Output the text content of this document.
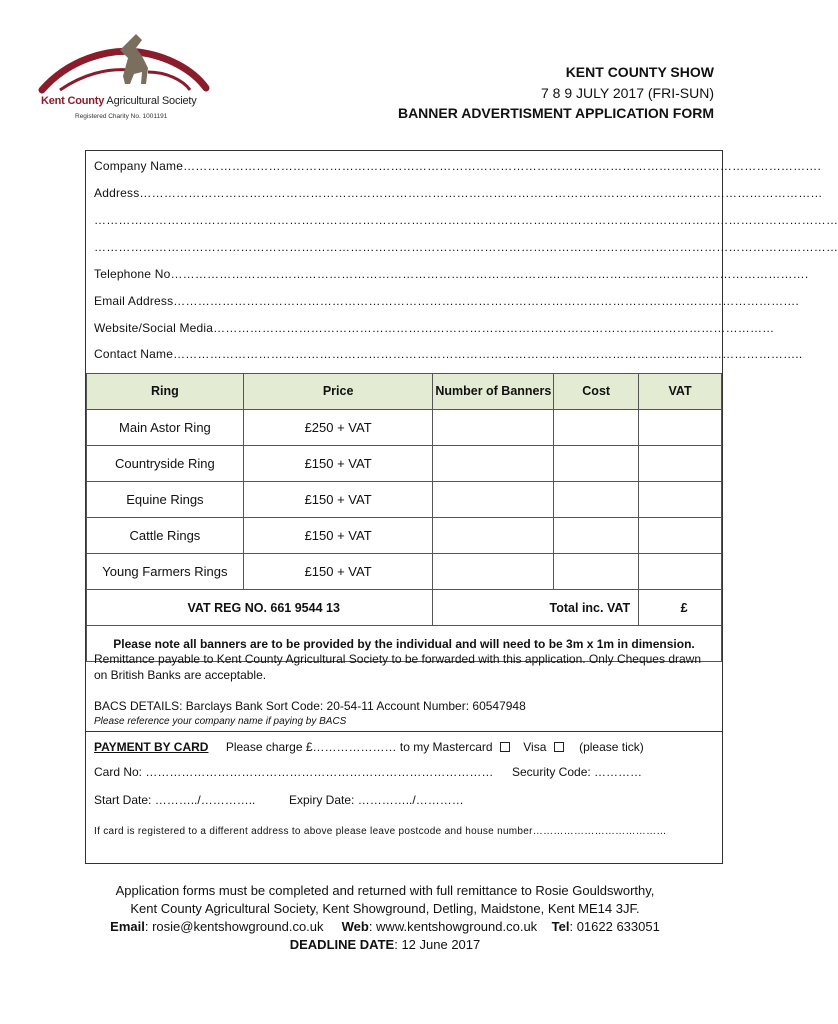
Kent County Agricultural Society
Registered Charity No. 1001191
KENT COUNTY SHOW
7 8 9 JULY 2017 (FRI-SUN)
BANNER ADVERTISMENT APPLICATION FORM
Company Name………………………………………………………………………………………………………………………………………….
Address……………………………………………………………………………………………………………………………………………………
…………………………………………………………………………………………………………………………………………………………………
…………………………………………………………………………………………………………………………………………………………………
Telephone No………………………………………………………………………………………………………………………………………….
Email Address……………………………………………………………………………………………………………………………………….
Website/Social Media…………………………………………………………………………………………………………………………
Contact Name………………………………………………………………………………………………………………………………………..
Ring	Price	Number of Banners	Cost	VAT
Main Astor Ring	£250 + VAT			
Countryside Ring	£150 + VAT			
Equine Rings	£150 + VAT			
Cattle Rings	£150 + VAT			
Young Farmers Rings	£150 + VAT			
VAT REG NO. 661 9544 13		Total inc. VAT		£
Please note all banners are to be provided by the individual and will need to be 3m x 1m in dimension.				
Remittance payable to Kent County Agricultural Society to be forwarded with this application. Only Cheques drawn on British Banks are acceptable.
BACS DETAILS: Barclays Bank Sort Code: 20-54-11 Account Number: 60547948
Please reference your company name if paying by BACS
PAYMENT BY CARD Please charge £………………… to my Mastercard	Visa	(please tick)
Card No: …………………………………………………………………………… Security Code: …………
Start Date: ………../…………..	Expiry Date: …………../…………
If card is registered to a different address to above please leave postcode and house number…………………………………
Application forms must be completed and returned with full remittance to Rosie Gouldsworthy,
Kent County Agricultural Society, Kent Showground, Detling, Maidstone, Kent ME14 3JF.
Email: rosie@kentshowground.co.uk Web: www.kentshowground.co.uk Tel: 01622 633051
DEADLINE DATE: 12 June 2017
